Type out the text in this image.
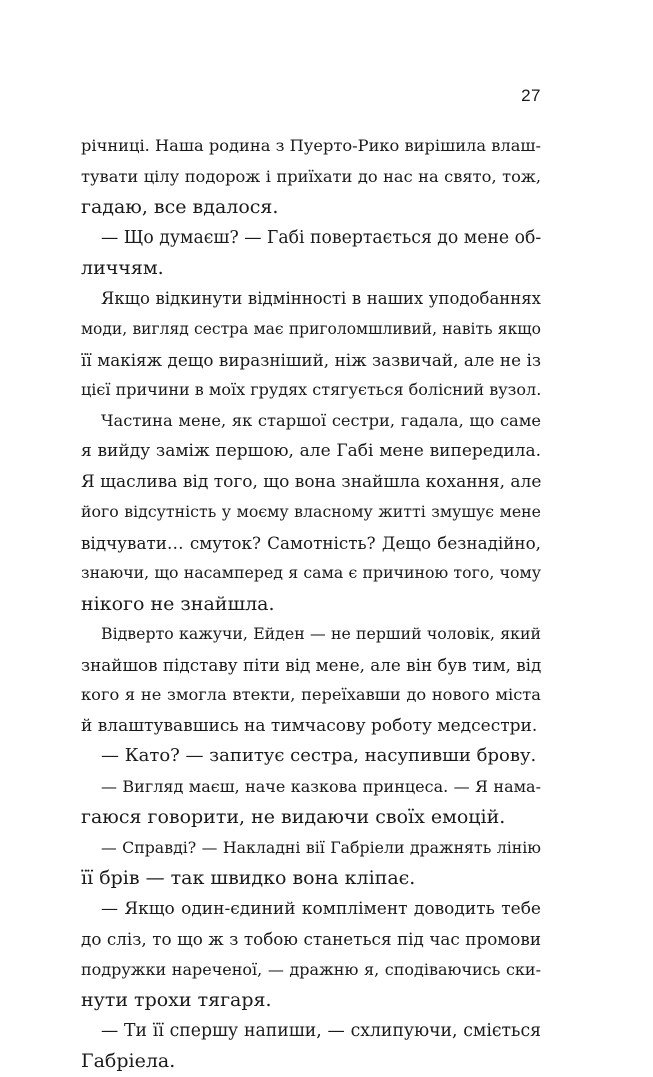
27
річниці. Наша родина з Пуерто-Рико вирішила влаш-
тувати цілу подорож і приїхати до нас на свято, тож,
гадаю, все вдалося.
— Що думаєш? — Габі повертається до мене об-
личчям.
Якщо відкинути відмінності в наших уподобаннях
моди, вигляд сестра має приголомшливий, навіть якщо
її макіяж дещо виразніший, ніж зазвичай, але не із
цієї причини в моїх грудях стягується болісний вузол.
Частина мене, як старшої сестри, гадала, що саме
я вийду заміж першою, але Габі мене випередила.
Я щаслива від того, що вона знайшла кохання, але
його відсутність у моєму власному житті змушує мене
відчувати… смуток? Самотність? Дещо безнадійно,
знаючи, що насамперед я сама є причиною того, чому
нікого не знайшла.
Відверто кажучи, Ейден — не перший чоловік, який
знайшов підставу піти від мене, але він був тим, від
кого я не змогла втекти, переїхавши до нового міста
й влаштувавшись на тимчасову роботу медсестри.
— Като? — запитує сестра, насупивши брову.
— Вигляд маєш, наче казкова принцеса. — Я нама-
гаюся говорити, не видаючи своїх емоцій.
— Справді? — Накладні вії Габріели дражнять лінію
її брів — так швидко вона кліпає.
— Якщо один-єдиний комплімент доводить тебе
до сліз, то що ж з тобою станеться під час промови
подружки нареченої, — дражню я, сподіваючись ски-
нути трохи тягаря.
— Ти її спершу напиши, — схлипуючи, сміється
Габріела.
